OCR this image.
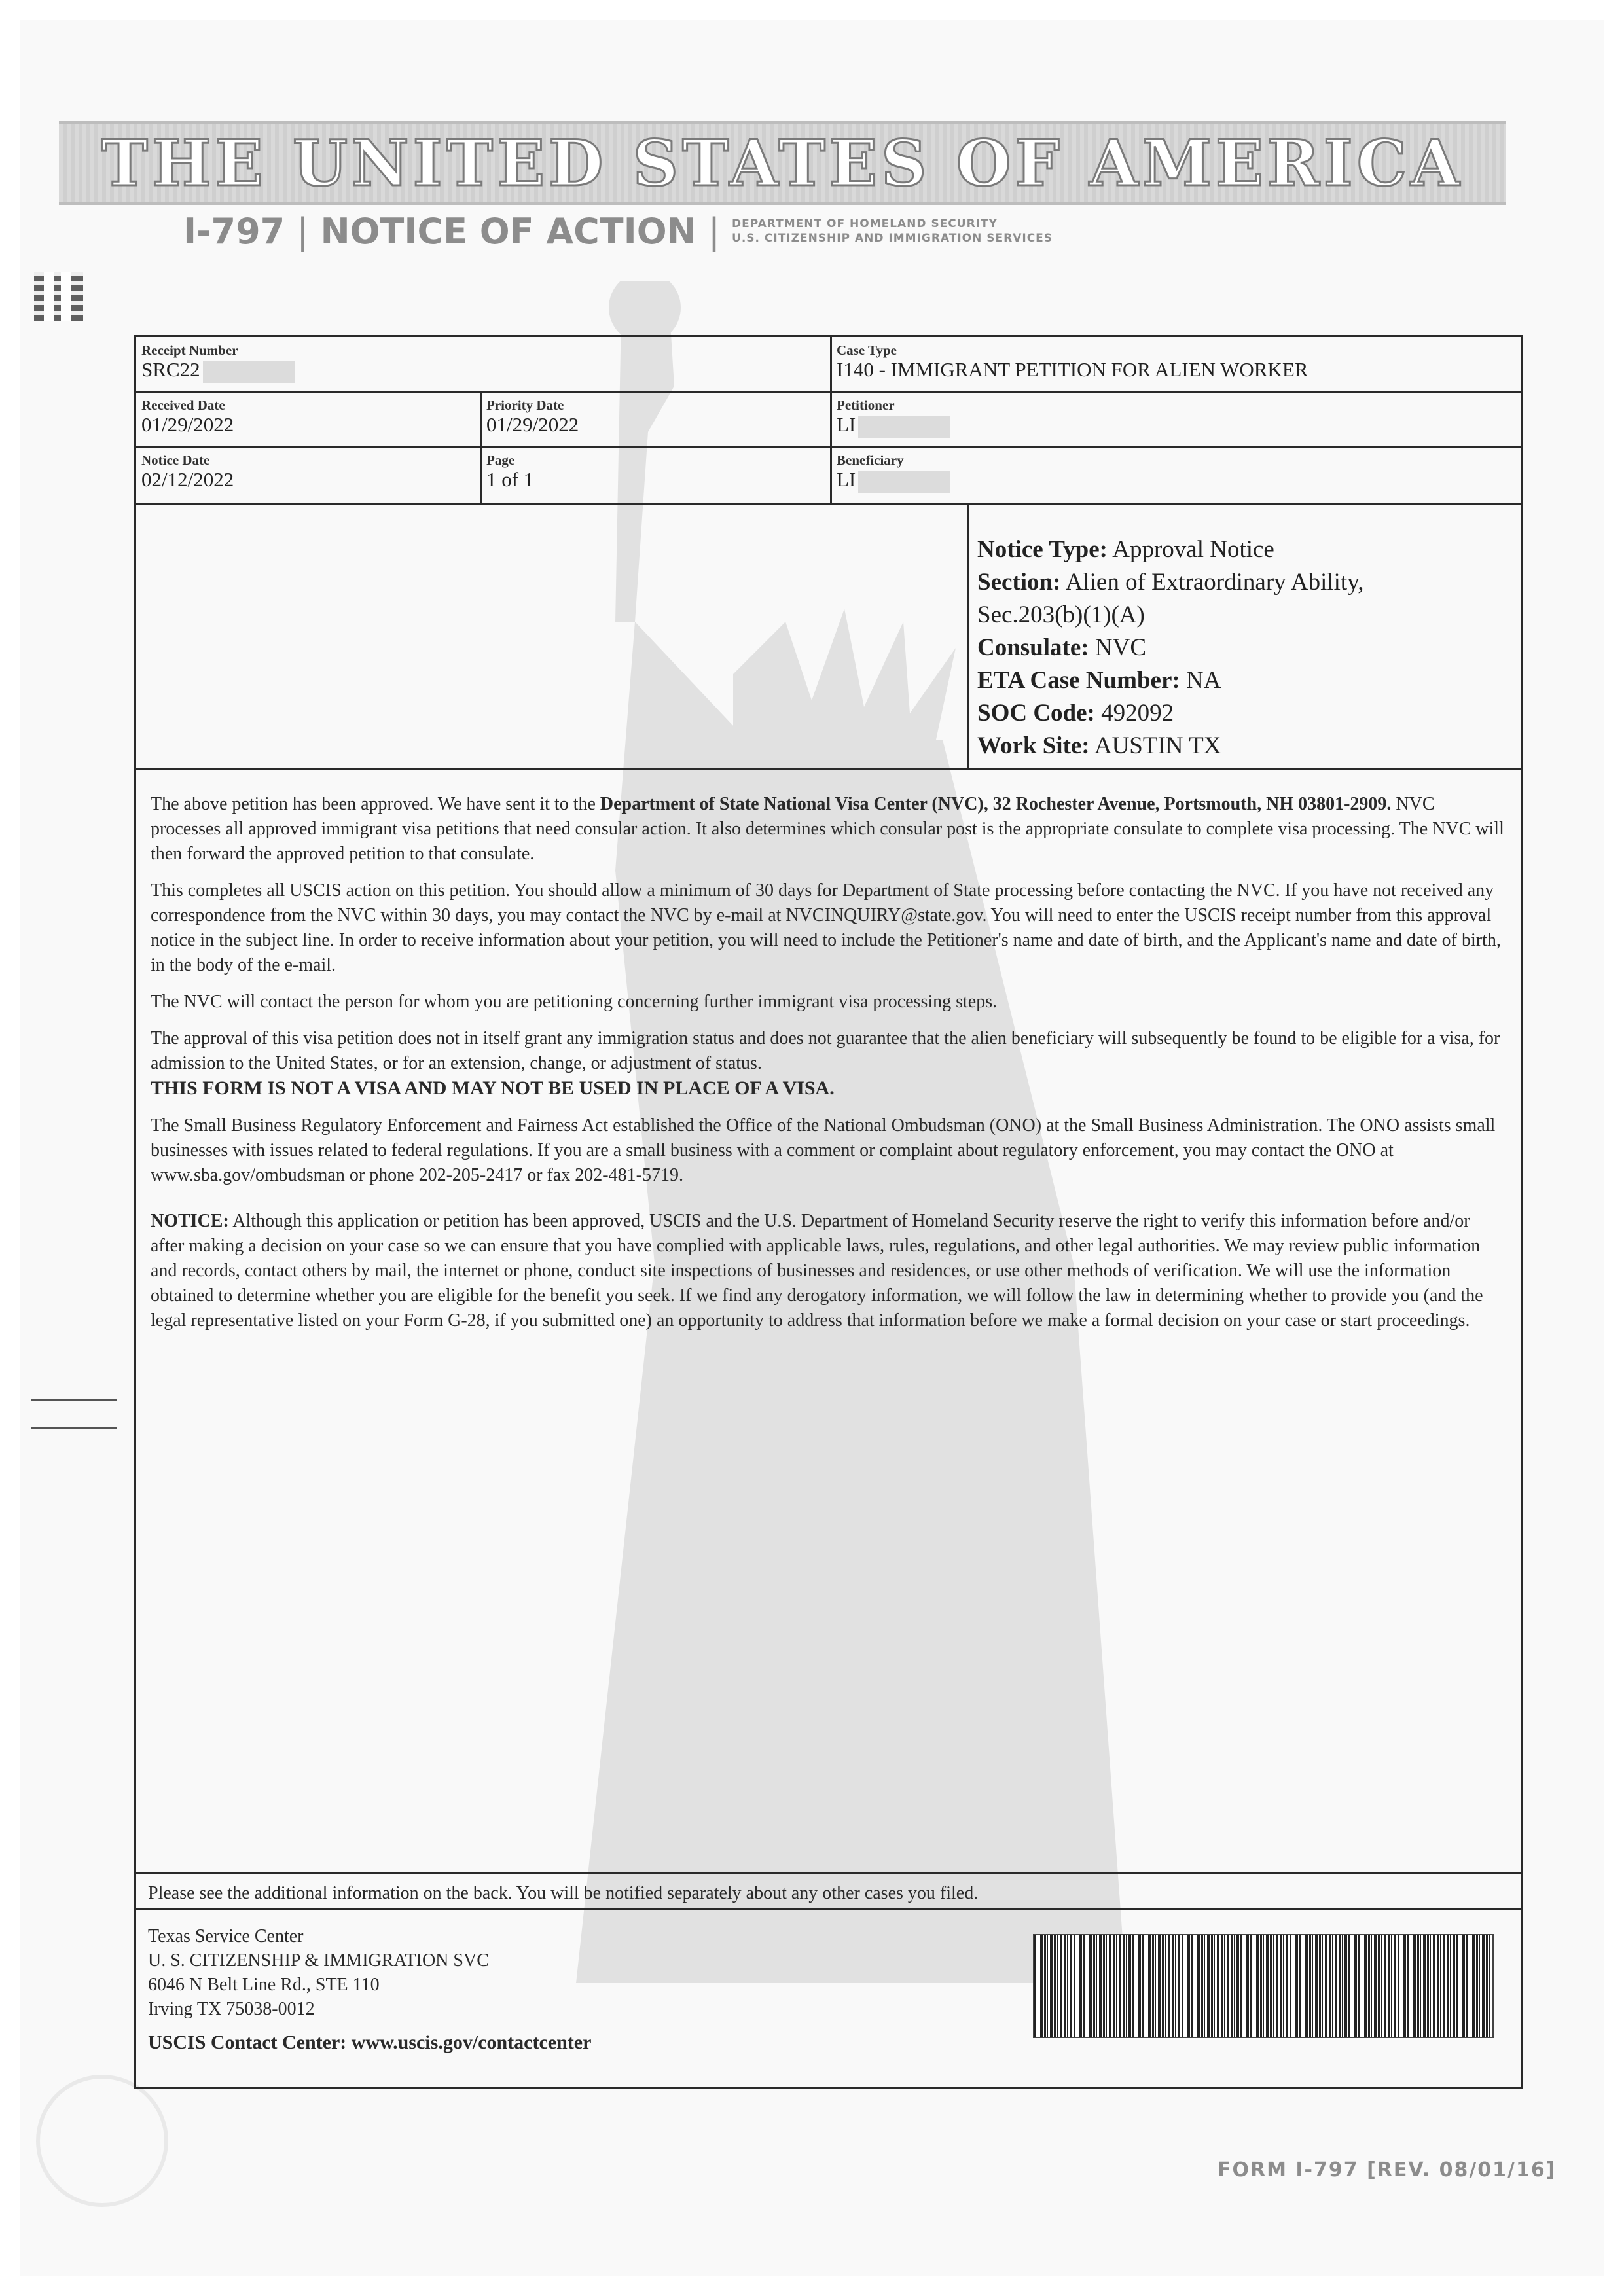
THE UNITED STATES OF AMERICA
I-797 | NOTICE OF ACTION | DEPARTMENT OF HOMELAND SECURITY
U.S. CITIZENSHIP AND IMMIGRATION SERVICES
Receipt Number
SRC22
Case Type
I140 - IMMIGRANT PETITION FOR ALIEN WORKER
Received Date
01/29/2022
Priority Date
01/29/2022
Petitioner
LI
Notice Date
02/12/2022
Page
1 of 1
Beneficiary
LI
Notice Type: Approval Notice
Section: Alien of Extraordinary Ability,
Sec.203(b)(1)(A)
Consulate: NVC
ETA Case Number: NA
SOC Code: 492092
Work Site: AUSTIN TX

The above petition has been approved. We have sent it to the Department of State National Visa Center (NVC), 32 Rochester Avenue, Portsmouth, NH 03801-2909. NVC processes all approved immigrant visa petitions that need consular action. It also determines which consular post is the appropriate consulate to complete visa processing. The NVC will then forward the approved petition to that consulate.

This completes all USCIS action on this petition. You should allow a minimum of 30 days for Department of State processing before contacting the NVC. If you have not received any correspondence from the NVC within 30 days, you may contact the NVC by e-mail at NVCINQUIRY@state.gov. You will need to enter the USCIS receipt number from this approval notice in the subject line. In order to receive information about your petition, you will need to include the Petitioner's name and date of birth, and the Applicant's name and date of birth, in the body of the e-mail.

The NVC will contact the person for whom you are petitioning concerning further immigrant visa processing steps.

The approval of this visa petition does not in itself grant any immigration status and does not guarantee that the alien beneficiary will subsequently be found to be eligible for a visa, for admission to the United States, or for an extension, change, or adjustment of status.
THIS FORM IS NOT A VISA AND MAY NOT BE USED IN PLACE OF A VISA.

The Small Business Regulatory Enforcement and Fairness Act established the Office of the National Ombudsman (ONO) at the Small Business Administration. The ONO assists small businesses with issues related to federal regulations. If you are a small business with a comment or complaint about regulatory enforcement, you may contact the ONO at www.sba.gov/ombudsman or phone 202-205-2417 or fax 202-481-5719.

NOTICE: Although this application or petition has been approved, USCIS and the U.S. Department of Homeland Security reserve the right to verify this information before and/or after making a decision on your case so we can ensure that you have complied with applicable laws, rules, regulations, and other legal authorities. We may review public information and records, contact others by mail, the internet or phone, conduct site inspections of businesses and residences, or use other methods of verification. We will use the information obtained to determine whether you are eligible for the benefit you seek. If we find any derogatory information, we will follow the law in determining whether to provide you (and the legal representative listed on your Form G-28, if you submitted one) an opportunity to address that information before we make a formal decision on your case or start proceedings.

Please see the additional information on the back. You will be notified separately about any other cases you filed.
Texas Service Center
U. S. CITIZENSHIP & IMMIGRATION SVC
6046 N Belt Line Rd., STE 110
Irving TX 75038-0012
USCIS Contact Center: www.uscis.gov/contactcenter
FORM I-797 [REV. 08/01/16]
